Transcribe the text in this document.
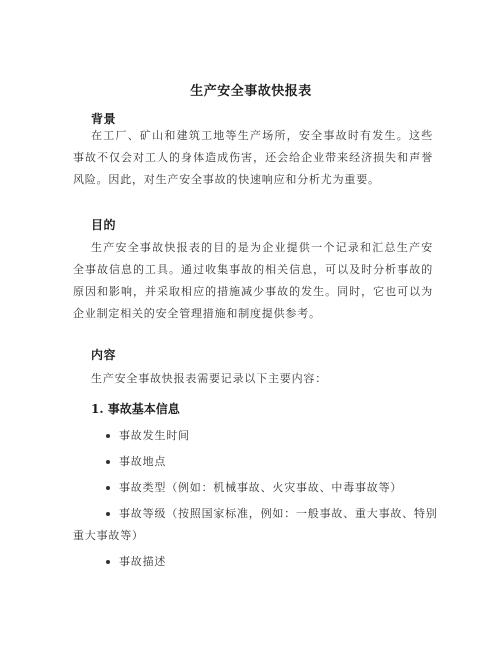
生产安全事故快报表
背景

在工厂、矿山和建筑工地等生产场所，安全事故时有发生。这些事故不仅会对工人的身体造成伤害，还会给企业带来经济损失和声誉风险。因此，对生产安全事故的快速响应和分析尤为重要。

目的

生产安全事故快报表的目的是为企业提供一个记录和汇总生产安全事故信息的工具。通过收集事故的相关信息，可以及时分析事故的原因和影响，并采取相应的措施减少事故的发生。同时，它也可以为企业制定相关的安全管理措施和制度提供参考。

内容

生产安全事故快报表需要记录以下主要内容：

1. 事故基本信息
事故发生时间
事故地点
事故类型（例如：机械事故、火灾事故、中毒事故等）
事故等级（按照国家标准，例如：一般事故、重大事故、特别重大事故等）
事故描述
